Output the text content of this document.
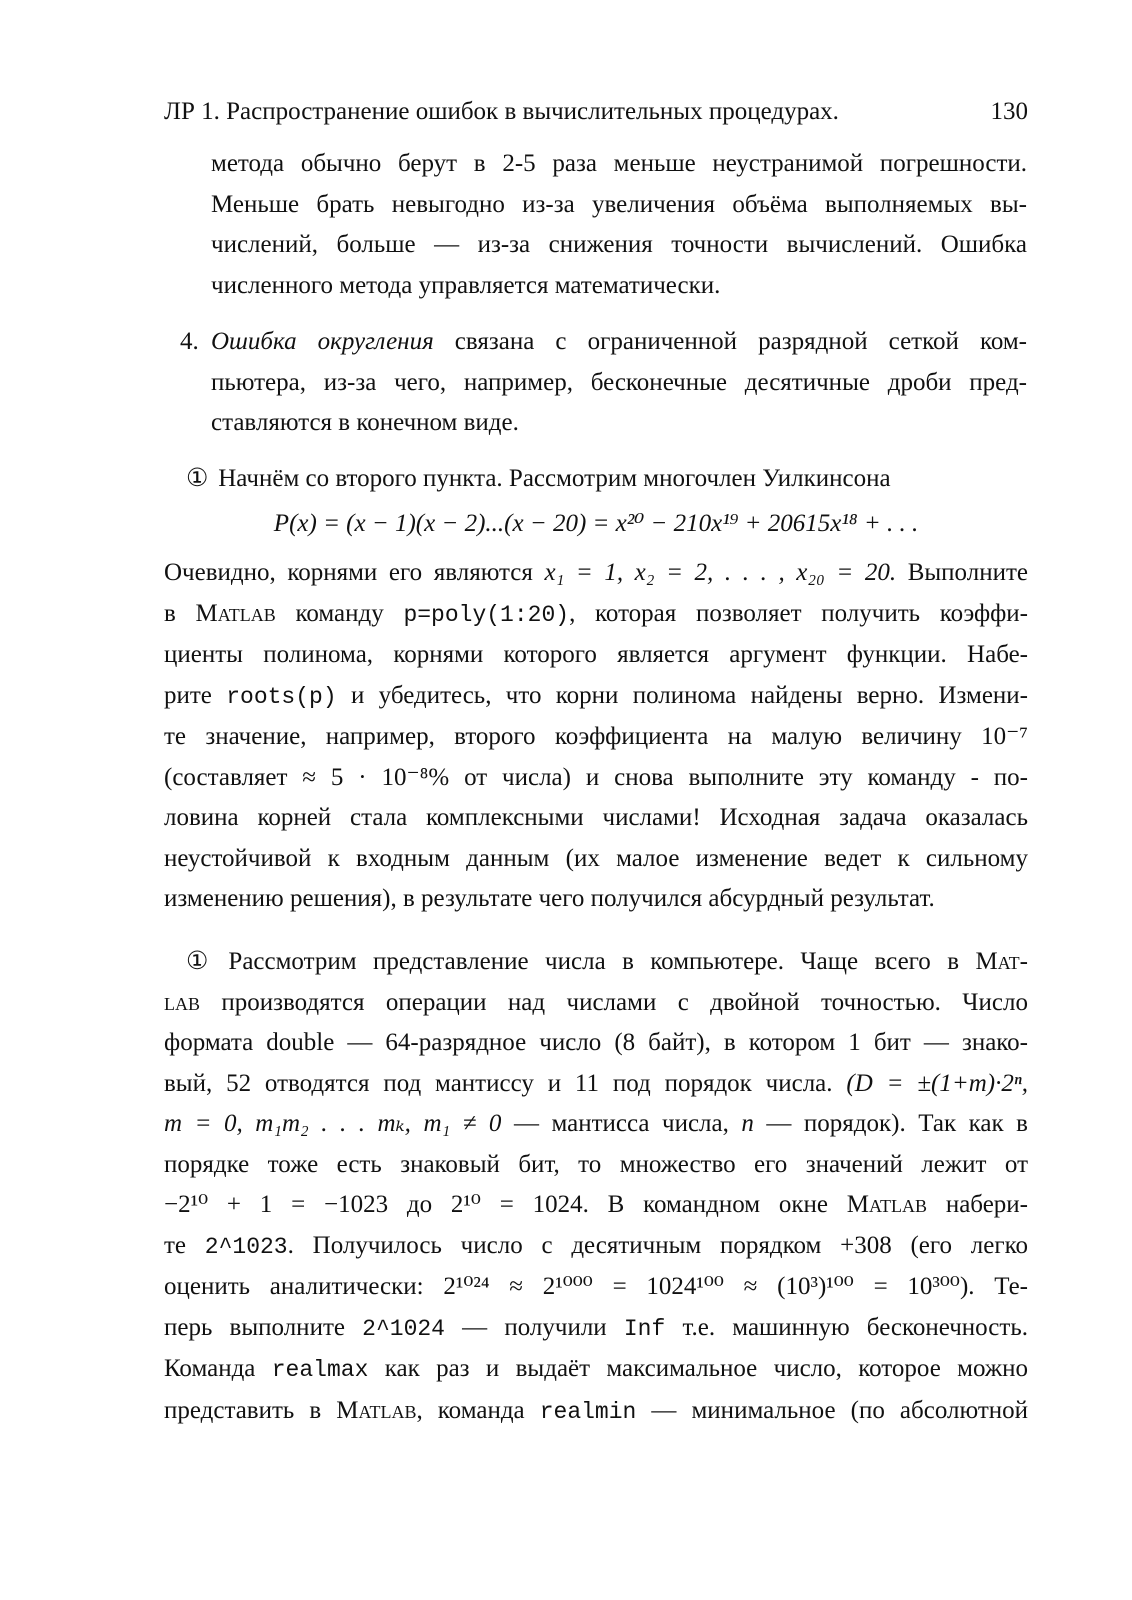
ЛР 1. Распространение ошибок в вычислительных процедурах.	130
метода обычно берут в 2-5 раза меньше неустранимой погрешности.
Меньше брать невыгодно из-за увеличения объёма выполняемых вы-
числений, больше — из-за снижения точности вычислений. Ошибка
численного метода управляется математически.
4. Ошибка округления связана с ограниченной разрядной сеткой ком-
пьютера, из-за чего, например, бесконечные десятичные дроби пред-
ставляются в конечном виде.
① Начнём со второго пункта. Рассмотрим многочлен Уилкинсона
P(x) = (x − 1)(x − 2)...(x − 20) = x²⁰ − 210x¹⁹ + 20615x¹⁸ + . . .
Очевидно, корнями его являются x₁ = 1, x₂ = 2, . . . , x₂₀ = 20. Выполните
в Matlab команду p=poly(1:20), которая позволяет получить коэффи-
циенты полинома, корнями которого является аргумент функции. Набе-
рите roots(p) и убедитесь, что корни полинома найдены верно. Измени-
те значение, например, второго коэффициента на малую величину 10⁻⁷
(составляет ≈ 5 · 10⁻⁸% от числа) и снова выполните эту команду - по-
ловина корней стала комплексными числами! Исходная задача оказалась
неустойчивой к входным данным (их малое изменение ведет к сильному
изменению решения), в результате чего получился абсурдный результат.
① Рассмотрим представление числа в компьютере. Чаще всего в Mat-
lab производятся операции над числами с двойной точностью. Число
формата double — 64-разрядное число (8 байт), в котором 1 бит — знако-
вый, 52 отводятся под мантиссу и 11 под порядок числа. (D = ±(1+m)·2ⁿ,
m = 0, m₁m₂ . . . mₖ, m₁ ≠ 0 — мантисса числа, n — порядок). Так как в
порядке тоже есть знаковый бит, то множество его значений лежит от
−2¹⁰ + 1 = −1023 до 2¹⁰ = 1024. В командном окне Matlab набери-
те 2^1023. Получилось число с десятичным порядком +308 (его легко
оценить аналитически: 2¹⁰²⁴ ≈ 2¹⁰⁰⁰ = 1024¹⁰⁰ ≈ (10³)¹⁰⁰ = 10³⁰⁰). Те-
перь выполните 2^1024 — получили Inf т.е. машинную бесконечность.
Команда realmax как раз и выдаёт максимальное число, которое можно
представить в Matlab, команда realmin — минимальное (по абсолютной
